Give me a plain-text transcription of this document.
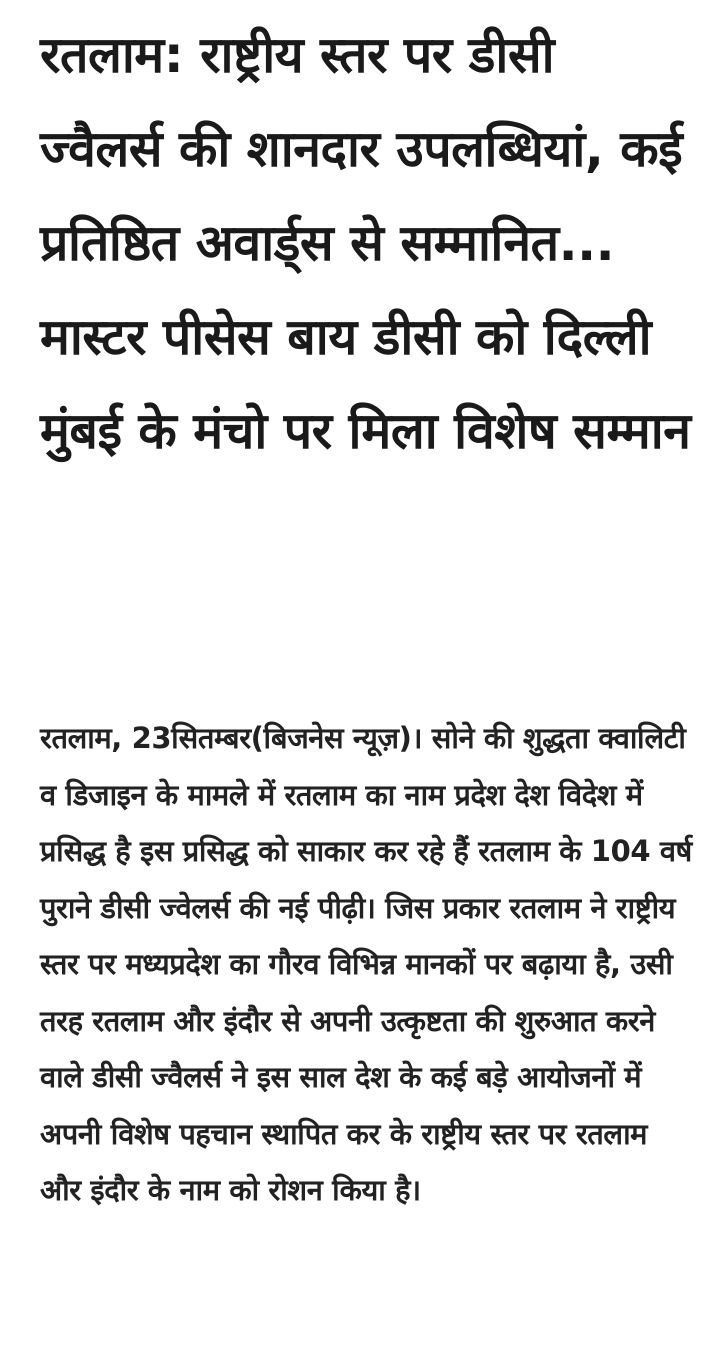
रतलाम: राष्ट्रीय स्तर पर डीसी ज्वैलर्स की शानदार उपलब्धियां, कई प्रतिष्ठित अवार्ड्स से सम्मानित... मास्टर पीसेस बाय डीसी को दिल्ली मुंबई के मंचो पर मिला विशेष सम्मान

रतलाम, 23सितम्बर(बिजनेस न्यूज़)। सोने की शुद्धता क्वालिटी व डिजाइन के मामले में रतलाम का नाम प्रदेश देश विदेश में प्रसिद्ध है इस प्रसिद्ध को साकार कर रहे हैं रतलाम के 104 वर्ष पुराने डीसी ज्वेलर्स की नई पीढ़ी। जिस प्रकार रतलाम ने राष्ट्रीय स्तर पर मध्यप्रदेश का गौरव विभिन्न मानकों पर बढ़ाया है, उसी तरह रतलाम और इंदौर से अपनी उत्कृष्टता की शुरुआत करने वाले डीसी ज्वैलर्स ने इस साल देश के कई बड़े आयोजनों में अपनी विशेष पहचान स्थापित कर के राष्ट्रीय स्तर पर रतलाम और इंदौर के नाम को रोशन किया है।
